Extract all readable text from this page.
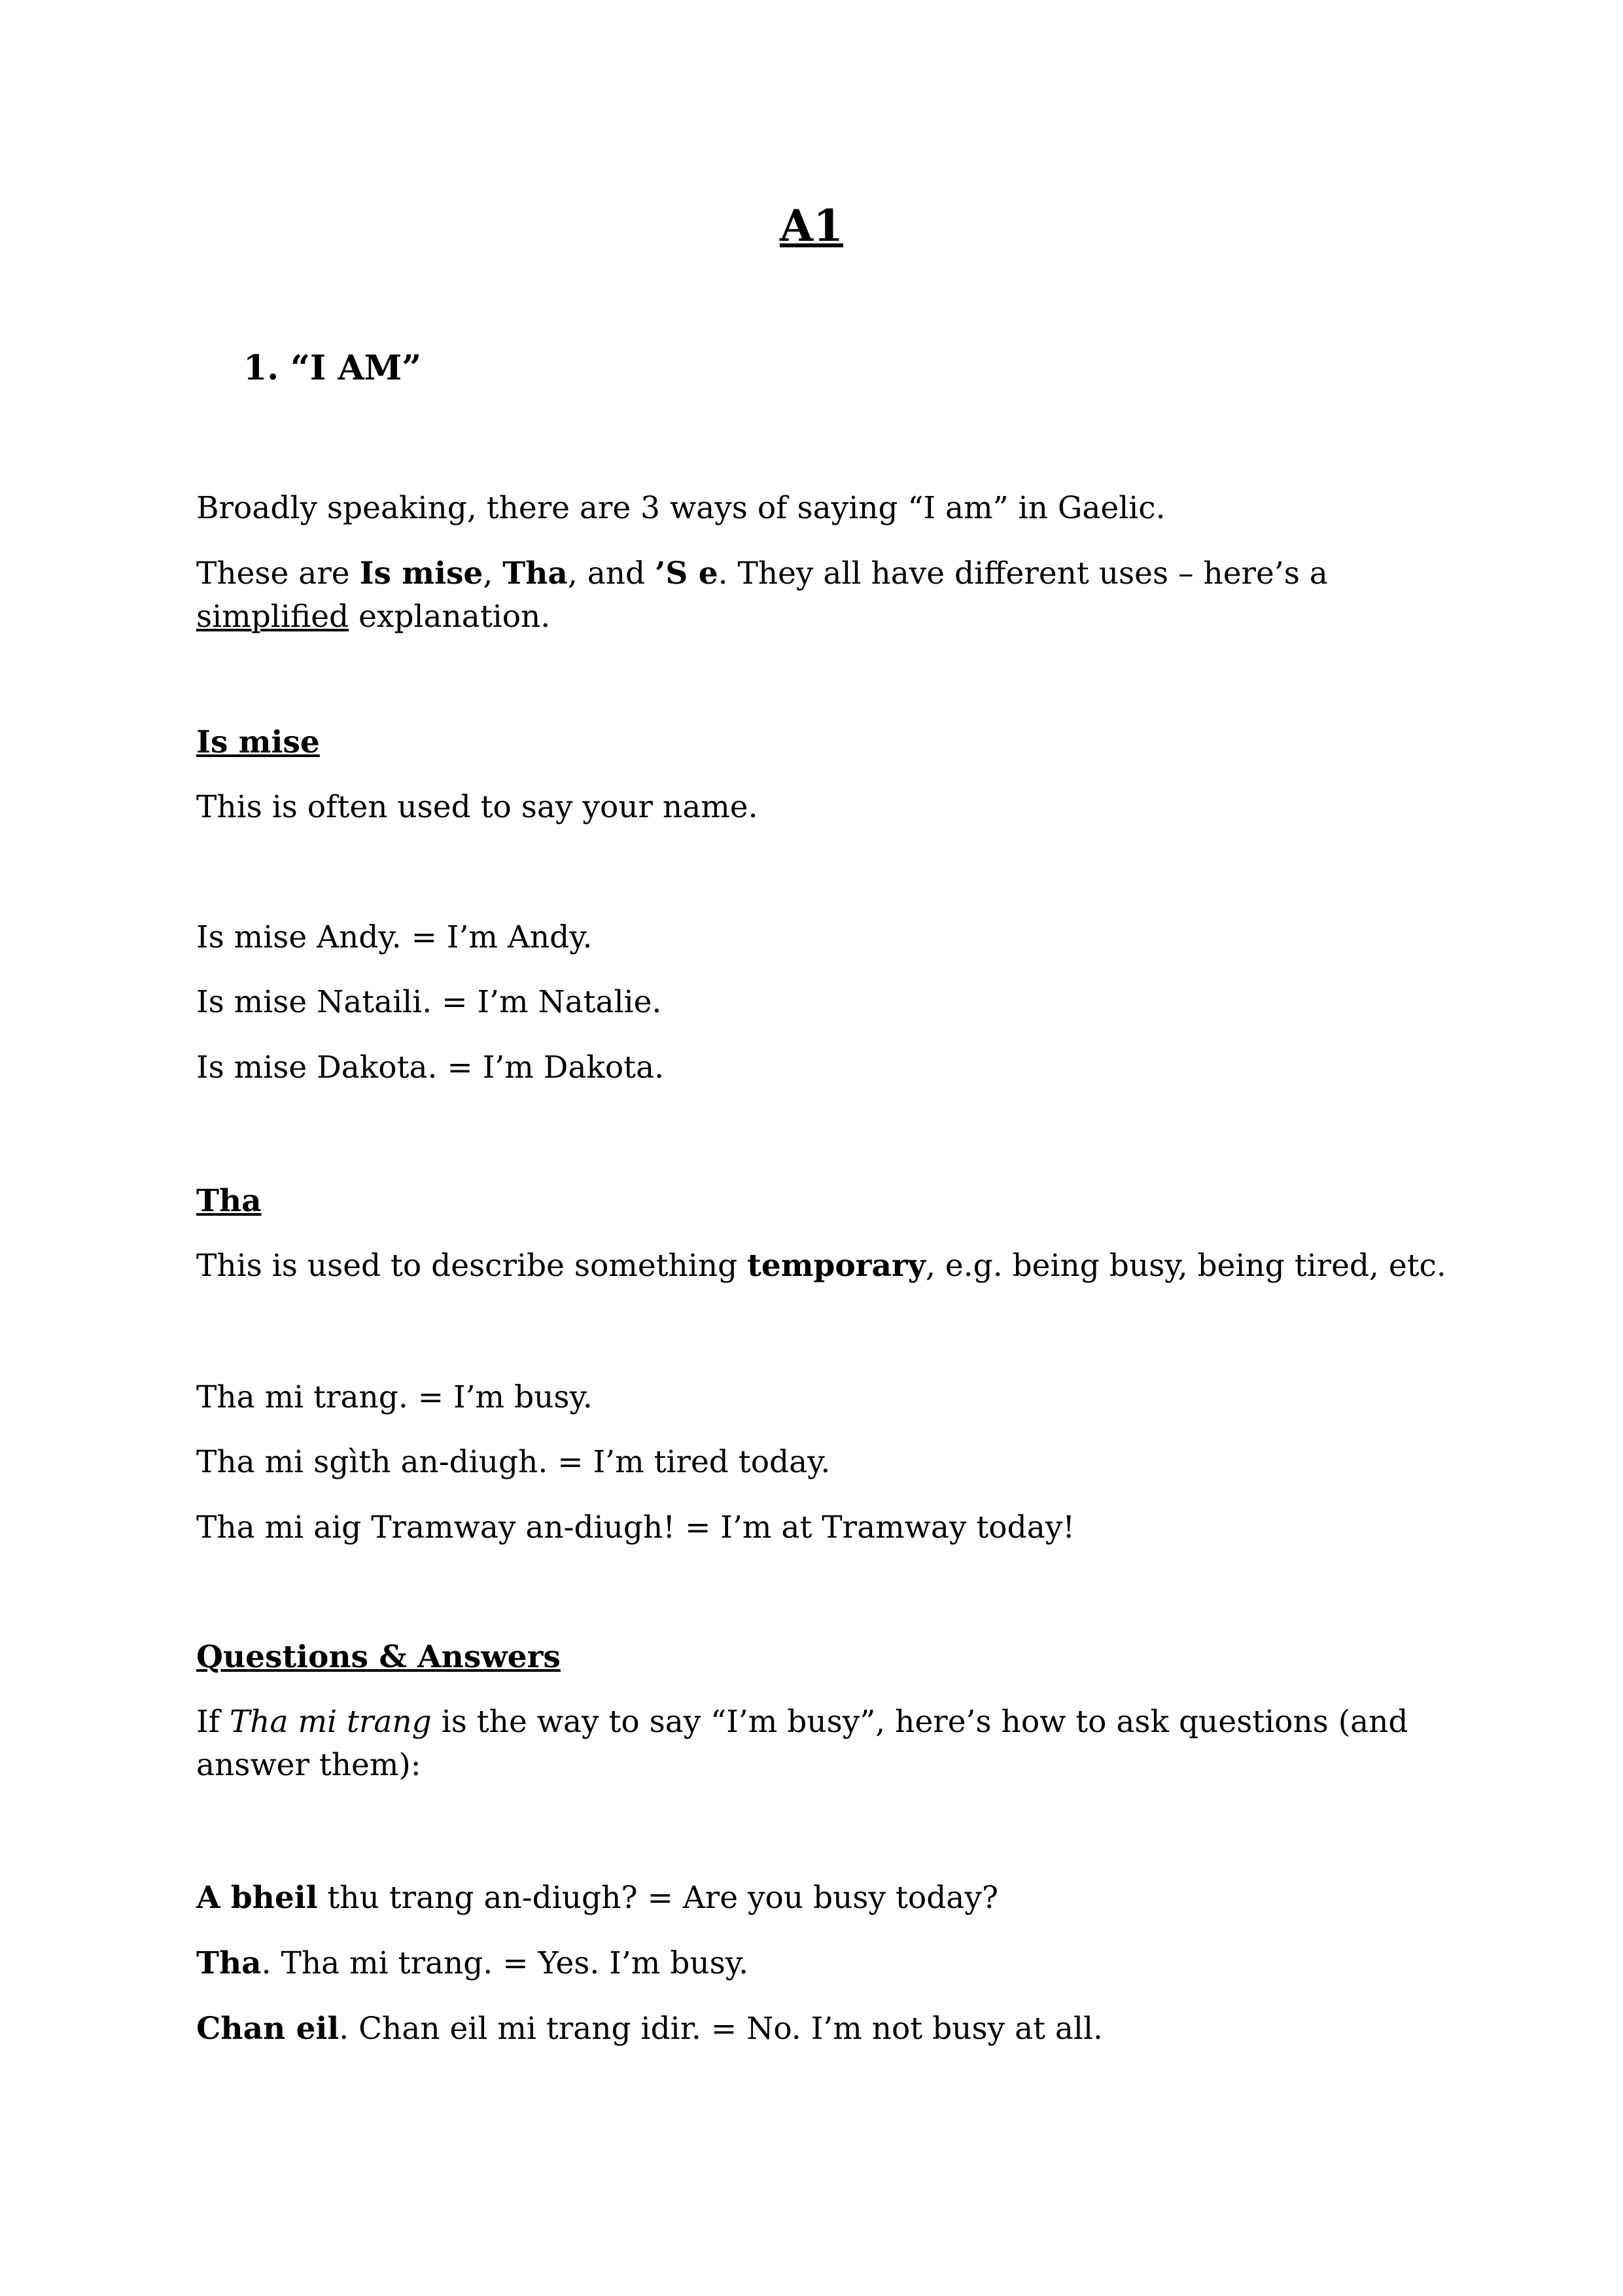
A1
1. “I AM”

Broadly speaking, there are 3 ways of saying “I am” in Gaelic.

These are Is mise, Tha, and ’S e. They all have different uses – here’s a simplified explanation.

Is mise

This is often used to say your name.

Is mise Andy. = I’m Andy.

Is mise Nataili. = I’m Natalie.

Is mise Dakota. = I’m Dakota.

Tha

This is used to describe something temporary, e.g. being busy, being tired, etc.

Tha mi trang. = I’m busy.

Tha mi sgìth an-diugh. = I’m tired today.

Tha mi aig Tramway an-diugh! = I’m at Tramway today!

Questions & Answers

If Tha mi trang is the way to say “I’m busy”, here’s how to ask questions (and answer them):

A bheil thu trang an-diugh? = Are you busy today?

Tha. Tha mi trang. = Yes. I’m busy.

Chan eil. Chan eil mi trang idir. = No. I’m not busy at all.
